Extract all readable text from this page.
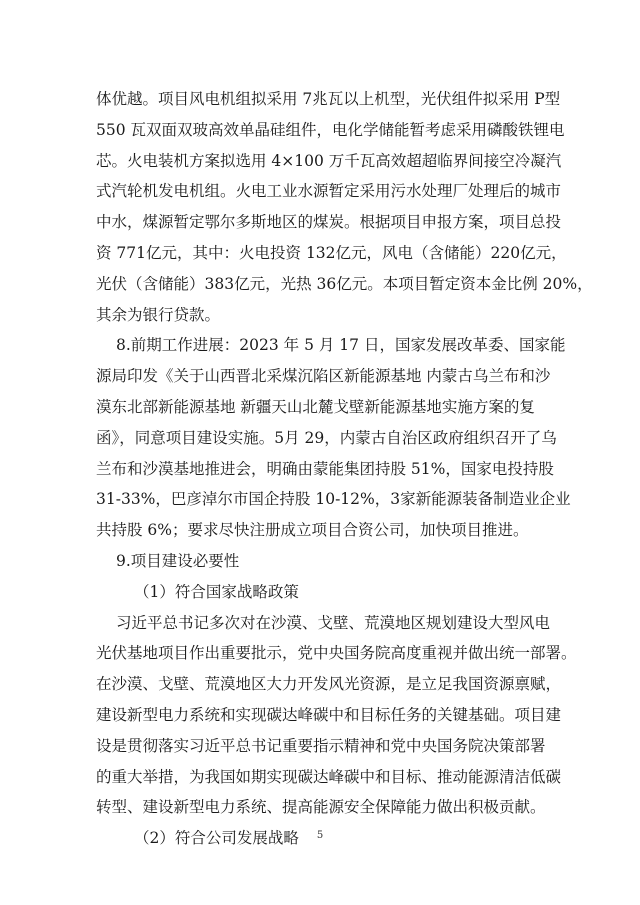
体优越。项目风电机组拟采用 7兆瓦以上机型，光伏组件拟采用 P型
550 瓦双面双玻高效单晶硅组件，电化学储能暂考虑采用磷酸铁锂电
芯。火电装机方案拟选用 4×100 万千瓦高效超超临界间接空冷凝汽
式汽轮机发电机组。火电工业水源暂定采用污水处理厂处理后的城市
中水，煤源暂定鄂尔多斯地区的煤炭。根据项目申报方案，项目总投
资 771亿元，其中：火电投资 132亿元，风电（含储能）220亿元，
光伏（含储能）383亿元，光热 36亿元。本项目暂定资本金比例 20%，
其余为银行贷款。
8.前期工作进展：2023 年 5 月 17 日，国家发展改革委、国家能
源局印发《关于山西晋北采煤沉陷区新能源基地 内蒙古乌兰布和沙
漠东北部新能源基地 新疆天山北麓戈壁新能源基地实施方案的复
函》，同意项目建设实施。5月 29，内蒙古自治区政府组织召开了乌
兰布和沙漠基地推进会，明确由蒙能集团持股 51%，国家电投持股
31-33%，巴彦淖尔市国企持股 10-12%，3家新能源装备制造业企业
共持股 6%；要求尽快注册成立项目合资公司，加快项目推进。
9.项目建设必要性
（1）符合国家战略政策
习近平总书记多次对在沙漠、戈壁、荒漠地区规划建设大型风电
光伏基地项目作出重要批示，党中央国务院高度重视并做出统一部署。
在沙漠、戈壁、荒漠地区大力开发风光资源，是立足我国资源禀赋，
建设新型电力系统和实现碳达峰碳中和目标任务的关键基础。项目建
设是贯彻落实习近平总书记重要指示精神和党中央国务院决策部署
的重大举措，为我国如期实现碳达峰碳中和目标、推动能源清洁低碳
转型、建设新型电力系统、提高能源安全保障能力做出积极贡献。
（2）符合公司发展战略	5
